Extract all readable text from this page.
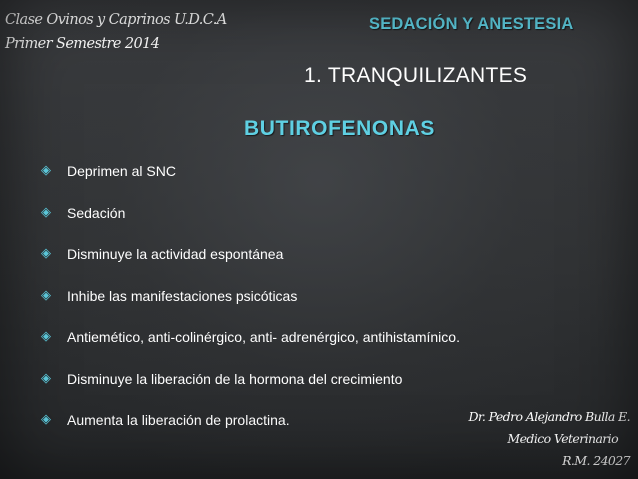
Clase Ovinos y Caprinos U.D.C.A
Primer Semestre 2014
SEDACIÓN Y ANESTESIA
1. TRANQUILIZANTES
BUTIROFENONAS
◈	Deprimen al SNC
◈	Sedación
◈	Disminuye la actividad espontánea
◈	Inhibe las manifestaciones psicóticas
◈	Antiemético, anti-colinérgico, anti- adrenérgico, antihistamínico.
◈	Disminuye la liberación de la hormona del crecimiento
◈	Aumenta la liberación de prolactina.	Dr. Pedro Alejandro Bulla E.
Medico Veterinario
R.M. 24027
